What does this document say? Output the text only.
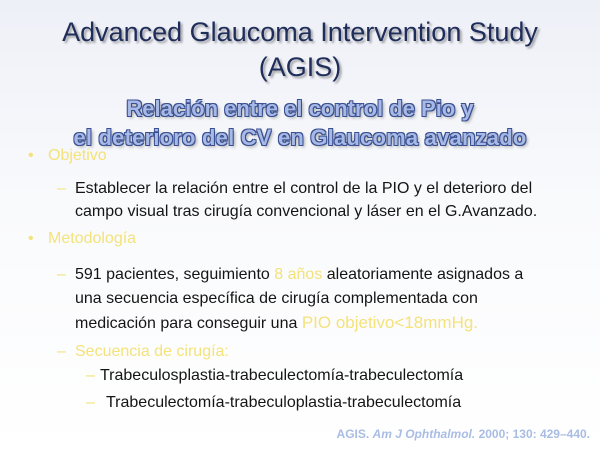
Advanced Glaucoma Intervention Study
(AGIS)
Relación entre el control de Pio y
el deterioro del CV en Glaucoma avanzado
• Objetivo
– Establecer la relación entre el control de la PIO y el deterioro del
campo visual tras cirugía convencional y láser en el G.Avanzado.
• Metodología
– 591 pacientes, seguimiento 8 años aleatoriamente asignados a
una secuencia específica de cirugía complementada con
medicación para conseguir una PIO objetivo<18mmHg.
– Secuencia de cirugía:
– Trabeculosplastia-trabeculectomía-trabeculectomía
– Trabeculectomía-trabeculoplastia-trabeculectomía
AGIS. Am J Ophthalmol. 2000; 130: 429–440.
